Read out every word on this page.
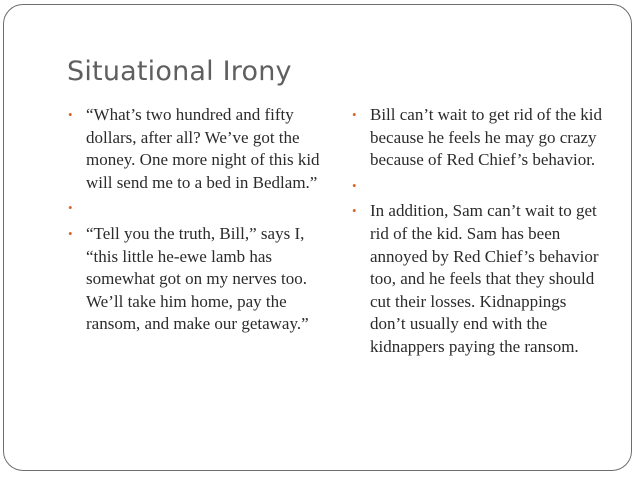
Situational Irony
• “What’s two hundred and fifty dollars, after all? We’ve got the money. One more night of this kid will send me to a bed in Bedlam.”
•
• “Tell you the truth, Bill,” says I, “this little he-ewe lamb has somewhat got on my nerves too. We’ll take him home, pay the ransom, and make our getaway.”
• Bill can’t wait to get rid of the kid because he feels he may go crazy because of Red Chief’s behavior.
•
• In addition, Sam can’t wait to get rid of the kid. Sam has been annoyed by Red Chief’s behavior too, and he feels that they should cut their losses. Kidnappings don’t usually end with the kidnappers paying the ransom.
